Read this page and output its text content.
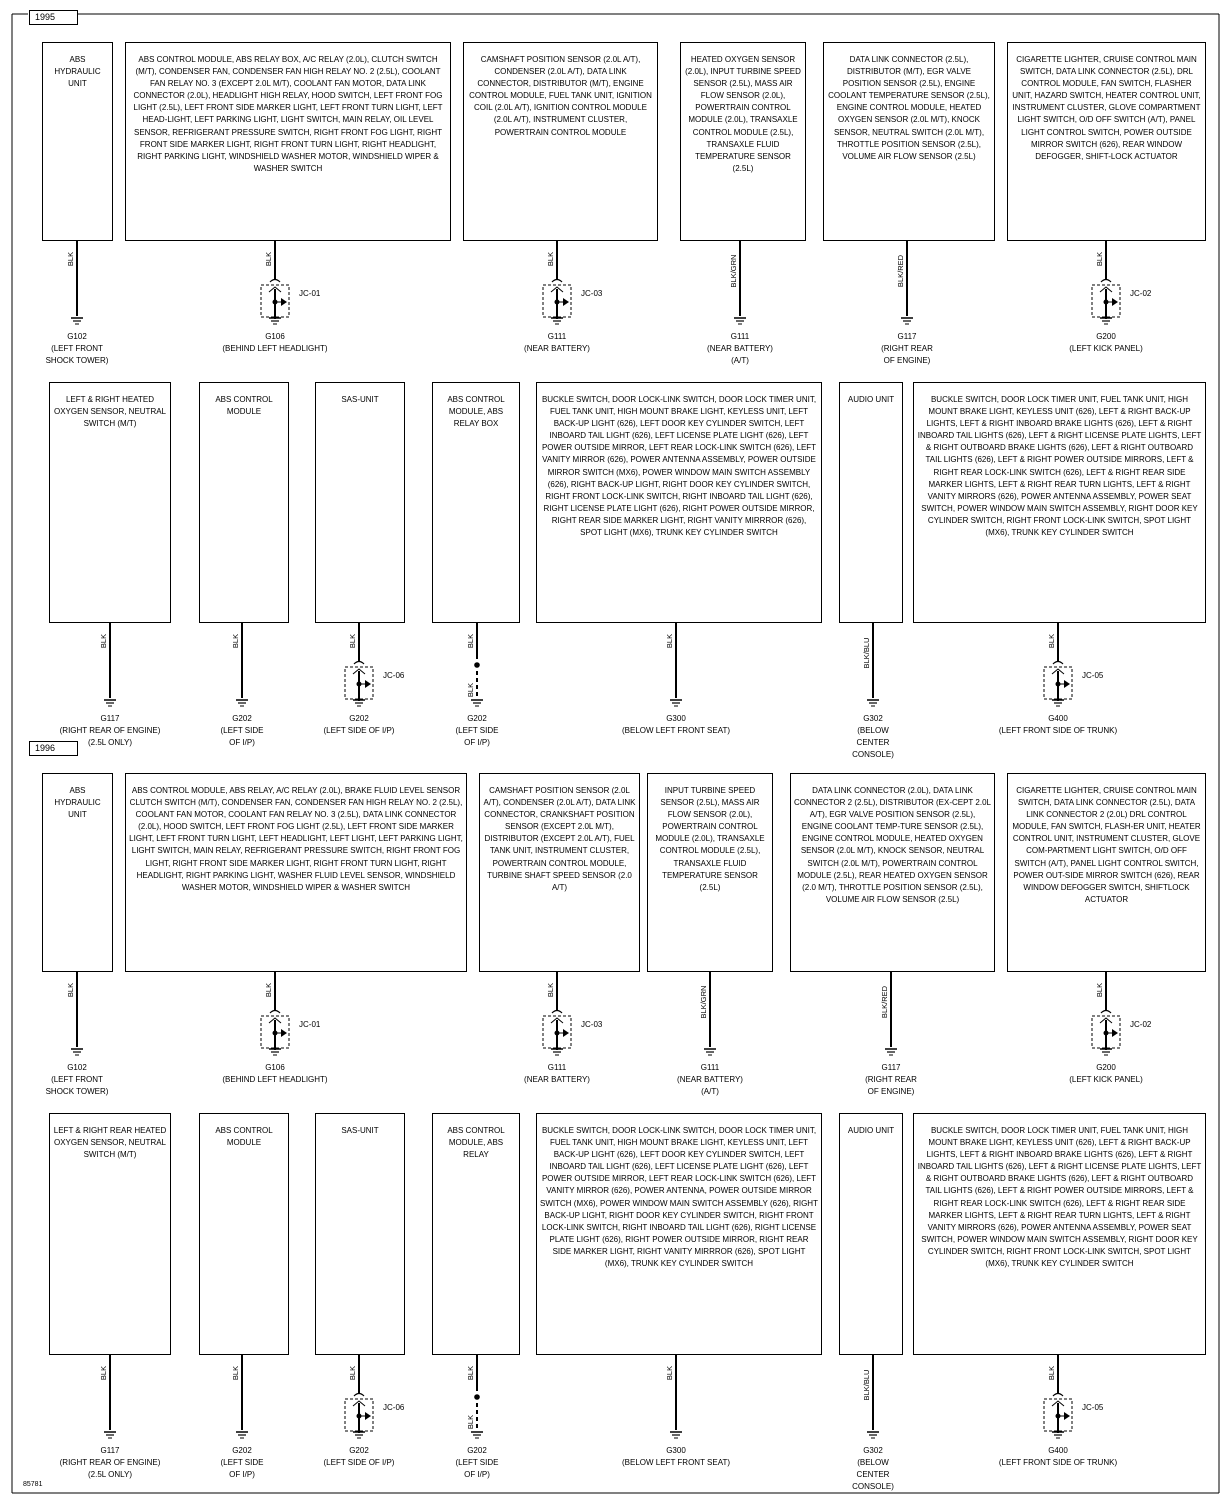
BLK
G102
(LEFT FRONT SHOCK TOWER)
JC-01
BLK
G106
(BEHIND LEFT HEADLIGHT)
JC-03
BLK
G111
(NEAR BATTERY)
BLK/GRN
G111
(NEAR BATTERY) (A/T)
BLK/RED
G117
(RIGHT REAR OF ENGINE)
JC-02
BLK
G200
(LEFT KICK PANEL)
BLK
G117
(RIGHT REAR OF ENGINE) (2.5L ONLY)
BLK
G202
(LEFT SIDE OF I/P)
JC-06
BLK
G202
(LEFT SIDE OF I/P)
BLK
BLK
G202
(LEFT SIDE OF I/P)
BLK
G300
(BELOW LEFT FRONT SEAT)
BLK/BLU
G302
(BELOW CENTER CONSOLE)
JC-05
BLK
G400
(LEFT FRONT SIDE OF TRUNK)
BLK
G102
(LEFT FRONT SHOCK TOWER)
JC-01
BLK
G106
(BEHIND LEFT HEADLIGHT)
JC-03
BLK
G111
(NEAR BATTERY)
BLK/GRN
G111
(NEAR BATTERY) (A/T)
BLK/RED
G117
(RIGHT REAR OF ENGINE)
JC-02
BLK
G200
(LEFT KICK PANEL)
BLK
G117
(RIGHT REAR OF ENGINE) (2.5L ONLY)
BLK
G202
(LEFT SIDE OF I/P)
JC-06
BLK
G202
(LEFT SIDE OF I/P)
BLK
BLK
G202
(LEFT SIDE OF I/P)
BLK
G300
(BELOW LEFT FRONT SEAT)
BLK/BLU
G302
(BELOW CENTER CONSOLE)
JC-05
BLK
G400
(LEFT FRONT SIDE OF TRUNK)
1995
ABS HYDRAULIC UNIT
ABS CONTROL MODULE, ABS RELAY BOX, A/C RELAY (2.0L), CLUTCH SWITCH (M/T), CONDENSER FAN, CONDENSER FAN HIGH RELAY NO. 2 (2.5L), COOLANT FAN RELAY NO. 3 (EXCEPT 2.0L M/T), COOLANT FAN MOTOR, DATA LINK CONNECTOR (2.0L), HEADLIGHT HIGH RELAY, HOOD SWITCH, LEFT FRONT FOG LIGHT (2.5L), LEFT FRONT SIDE MARKER LIGHT, LEFT FRONT TURN LIGHT, LEFT HEAD-LIGHT, LEFT PARKING LIGHT, LIGHT SWITCH, MAIN RELAY, OIL LEVEL SENSOR, REFRIGERANT PRESSURE SWITCH, RIGHT FRONT FOG LIGHT, RIGHT FRONT SIDE MARKER LIGHT, RIGHT FRONT TURN LIGHT, RIGHT HEADLIGHT, RIGHT PARKING LIGHT, WINDSHIELD WASHER MOTOR, WINDSHIELD WIPER & WASHER SWITCH
CAMSHAFT POSITION SENSOR (2.0L A/T), CONDENSER (2.0L A/T), DATA LINK CONNECTOR, DISTRIBUTOR (M/T), ENGINE CONTROL MODULE, FUEL TANK UNIT, IGNITION COIL (2.0L A/T), IGNITION CONTROL MODULE (2.0L A/T), INSTRUMENT CLUSTER, POWERTRAIN CONTROL MODULE
HEATED OXYGEN SENSOR (2.0L), INPUT TURBINE SPEED SENSOR (2.5L), MASS AIR FLOW SENSOR (2.0L), POWERTRAIN CONTROL MODULE (2.0L), TRANSAXLE CONTROL MODULE (2.5L), TRANSAXLE FLUID TEMPERATURE SENSOR (2.5L)
DATA LINK CONNECTOR (2.5L), DISTRIBUTOR (M/T), EGR VALVE POSITION SENSOR (2.5L), ENGINE COOLANT TEMPERATURE SENSOR (2.5L), ENGINE CONTROL MODULE, HEATED OXYGEN SENSOR (2.0L M/T), KNOCK SENSOR, NEUTRAL SWITCH (2.0L M/T), THROTTLE POSITION SENSOR (2.5L), VOLUME AIR FLOW SENSOR (2.5L)
CIGARETTE LIGHTER, CRUISE CONTROL MAIN SWITCH, DATA LINK CONNECTOR (2.5L), DRL CONTROL MODULE, FAN SWITCH, FLASHER UNIT, HAZARD SWITCH, HEATER CONTROL UNIT, INSTRUMENT CLUSTER, GLOVE COMPARTMENT LIGHT SWITCH, O/D OFF SWITCH (A/T), PANEL LIGHT CONTROL SWITCH, POWER OUTSIDE MIRROR SWITCH (626), REAR WINDOW DEFOGGER, SHIFT-LOCK ACTUATOR
LEFT & RIGHT HEATED OXYGEN SENSOR, NEUTRAL SWITCH (M/T)
ABS CONTROL MODULE
SAS-UNIT	ABS CONTROL MODULE, ABS RELAY BOX
BUCKLE SWITCH, DOOR LOCK-LINK SWITCH, DOOR LOCK TIMER UNIT, FUEL TANK UNIT, HIGH MOUNT BRAKE LIGHT, KEYLESS UNIT, LEFT BACK-UP LIGHT (626), LEFT DOOR KEY CYLINDER SWITCH, LEFT INBOARD TAIL LIGHT (626), LEFT LICENSE PLATE LIGHT (626), LEFT POWER OUTSIDE MIRROR, LEFT REAR LOCK-LINK SWITCH (626), LEFT VANITY MIRROR (626), POWER ANTENNA ASSEMBLY, POWER OUTSIDE MIRROR SWITCH (MX6), POWER WINDOW MAIN SWITCH ASSEMBLY (626), RIGHT BACK-UP LIGHT, RIGHT DOOR KEY CYLINDER SWITCH, RIGHT FRONT LOCK-LINK SWITCH, RIGHT INBOARD TAIL LIGHT (626), RIGHT LICENSE PLATE LIGHT (626), RIGHT POWER OUTSIDE MIRROR, RIGHT REAR SIDE MARKER LIGHT, RIGHT VANITY MIRRROR (626), SPOT LIGHT (MX6), TRUNK KEY CYLINDER SWITCH
AUDIO UNIT	BUCKLE SWITCH, DOOR LOCK TIMER UNIT, FUEL TANK UNIT, HIGH MOUNT BRAKE LIGHT, KEYLESS UNIT (626), LEFT & RIGHT BACK-UP LIGHTS, LEFT & RIGHT INBOARD BRAKE LIGHTS (626), LEFT & RIGHT INBOARD TAIL LIGHTS (626), LEFT & RIGHT LICENSE PLATE LIGHTS, LEFT & RIGHT OUTBOARD BRAKE LIGHTS (626), LEFT & RIGHT OUTBOARD TAIL LIGHTS (626), LEFT & RIGHT POWER OUTSIDE MIRRORS, LEFT & RIGHT REAR LOCK-LINK SWITCH (626), LEFT & RIGHT REAR SIDE MARKER LIGHTS, LEFT & RIGHT REAR TURN LIGHTS, LEFT & RIGHT VANITY MIRRORS (626), POWER ANTENNA ASSEMBLY, POWER SEAT SWITCH, POWER WINDOW MAIN SWITCH ASSEMBLY, RIGHT DOOR KEY CYLINDER SWITCH, RIGHT FRONT LOCK-LINK SWITCH, SPOT LIGHT (MX6), TRUNK KEY CYLINDER SWITCH
1996
ABS HYDRAULIC UNIT
ABS CONTROL MODULE, ABS RELAY, A/C RELAY (2.0L), BRAKE FLUID LEVEL SENSOR CLUTCH SWITCH (M/T), CONDENSER FAN, CONDENSER FAN HIGH RELAY NO. 2 (2.5L), COOLANT FAN MOTOR, COOLANT FAN RELAY NO. 3 (2.5L), DATA LINK CONNECTOR (2.0L), HOOD SWITCH, LEFT FRONT FOG LIGHT (2.5L), LEFT FRONT SIDE MARKER LIGHT, LEFT FRONT TURN LIGHT, LEFT HEADLIGHT, LEFT LIGHT, LEFT PARKING LIGHT, LIGHT SWITCH, MAIN RELAY, REFRIGERANT PRESSURE SWITCH, RIGHT FRONT FOG LIGHT, RIGHT FRONT SIDE MARKER LIGHT, RIGHT FRONT TURN LIGHT, RIGHT HEADLIGHT, RIGHT PARKING LIGHT, WASHER FLUID LEVEL SENSOR, WINDSHIELD WASHER MOTOR, WINDSHIELD WIPER & WASHER SWITCH
CAMSHAFT POSITION SENSOR (2.0L A/T), CONDENSER (2.0L A/T), DATA LINK CONNECTOR, CRANKSHAFT POSITION SENSOR (EXCEPT 2.0L M/T), DISTRIBUTOR (EXCEPT 2.0L A/T), FUEL TANK UNIT, INSTRUMENT CLUSTER, POWERTRAIN CONTROL MODULE, TURBINE SHAFT SPEED SENSOR (2.0 A/T)
INPUT TURBINE SPEED SENSOR (2.5L), MASS AIR FLOW SENSOR (2.0L), POWERTRAIN CONTROL MODULE (2.0L), TRANSAXLE CONTROL MODULE (2.5L), TRANSAXLE FLUID TEMPERATURE SENSOR (2.5L)
DATA LINK CONNECTOR (2.0L), DATA LINK CONNECTOR 2 (2.5L), DISTRIBUTOR (EX-CEPT 2.0L A/T), EGR VALVE POSITION SENSOR (2.5L), ENGINE COOLANT TEMP-TURE SENSOR (2.5L), ENGINE CONTROL MODULE, HEATED OXYGEN SENSOR (2.0L M/T), KNOCK SENSOR, NEUTRAL SWITCH (2.0L M/T), POWERTRAIN CONTROL MODULE (2.5L), REAR HEATED OXYGEN SENSOR (2.0 M/T), THROTTLE POSITION SENSOR (2.5L), VOLUME AIR FLOW SENSOR (2.5L)
CIGARETTE LIGHTER, CRUISE CONTROL MAIN SWITCH, DATA LINK CONNECTOR (2.5L), DATA LINK CONNECTOR 2 (2.0L) DRL CONTROL MODULE, FAN SWITCH, FLASH-ER UNIT, HEATER CONTROL UNIT, INSTRUMENT CLUSTER, GLOVE COM-PARTMENT LIGHT SWITCH, O/D OFF SWITCH (A/T), PANEL LIGHT CONTROL SWITCH, POWER OUT-SIDE MIRROR SWITCH (626), REAR WINDOW DEFOGGER SWITCH, SHIFTLOCK ACTUATOR
LEFT & RIGHT REAR HEATED OXYGEN SENSOR, NEUTRAL SWITCH (M/T)
ABS CONTROL MODULE
SAS-UNIT	ABS CONTROL MODULE, ABS RELAY
BUCKLE SWITCH, DOOR LOCK-LINK SWITCH, DOOR LOCK TIMER UNIT, FUEL TANK UNIT, HIGH MOUNT BRAKE LIGHT, KEYLESS UNIT, LEFT BACK-UP LIGHT (626), LEFT DOOR KEY CYLINDER SWITCH, LEFT INBOARD TAIL LIGHT (626), LEFT LICENSE PLATE LIGHT (626), LEFT POWER OUTSIDE MIRROR, LEFT REAR LOCK-LINK SWITCH (626), LEFT VANITY MIRROR (626), POWER ANTENNA, POWER OUTSIDE MIRROR SWITCH (MX6), POWER WINDOW MAIN SWITCH ASSEMBLY (626), RIGHT BACK-UP LIGHT, RIGHT DOOR KEY CYLINDER SWITCH, RIGHT FRONT LOCK-LINK SWITCH, RIGHT INBOARD TAIL LIGHT (626), RIGHT LICENSE PLATE LIGHT (626), RIGHT POWER OUTSIDE MIRROR, RIGHT REAR SIDE MARKER LIGHT, RIGHT VANITY MIRRROR (626), SPOT LIGHT (MX6), TRUNK KEY CYLINDER SWITCH
AUDIO UNIT	BUCKLE SWITCH, DOOR LOCK TIMER UNIT, FUEL TANK UNIT, HIGH MOUNT BRAKE LIGHT, KEYLESS UNIT (626), LEFT & RIGHT BACK-UP LIGHTS, LEFT & RIGHT INBOARD BRAKE LIGHTS (626), LEFT & RIGHT INBOARD TAIL LIGHTS (626), LEFT & RIGHT LICENSE PLATE LIGHTS, LEFT & RIGHT OUTBOARD BRAKE LIGHTS (626), LEFT & RIGHT OUTBOARD TAIL LIGHTS (626), LEFT & RIGHT POWER OUTSIDE MIRRORS, LEFT & RIGHT REAR LOCK-LINK SWITCH (626), LEFT & RIGHT REAR SIDE MARKER LIGHTS, LEFT & RIGHT REAR TURN LIGHTS, LEFT & RIGHT VANITY MIRRORS (626), POWER ANTENNA ASSEMBLY, POWER SEAT SWITCH, POWER WINDOW MAIN SWITCH ASSEMBLY, RIGHT DOOR KEY CYLINDER SWITCH, RIGHT FRONT LOCK-LINK SWITCH, SPOT LIGHT (MX6), TRUNK KEY CYLINDER SWITCH
85781
